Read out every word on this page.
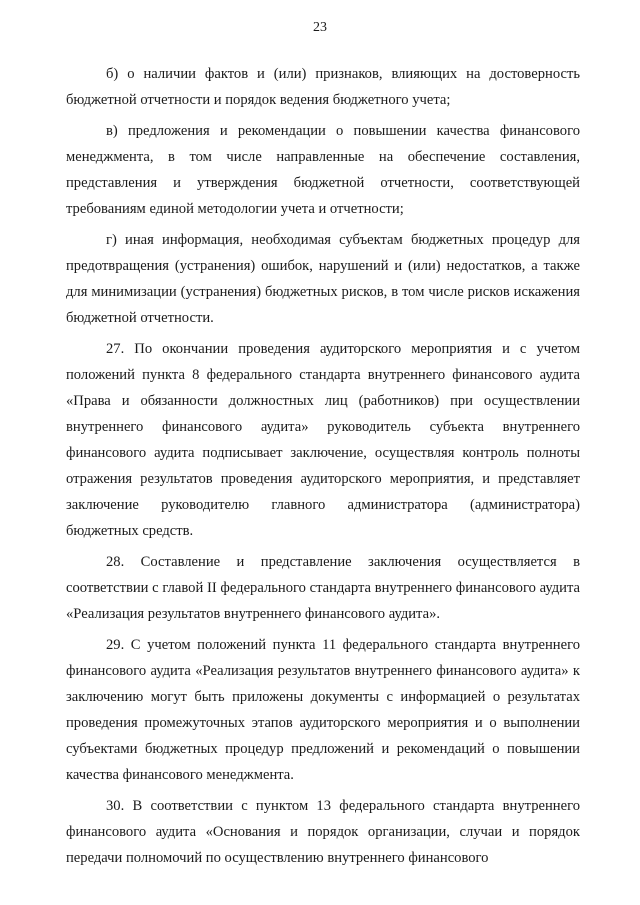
23

б) о наличии фактов и (или) признаков, влияющих на достоверность бюджетной отчетности и порядок ведения бюджетного учета;

в) предложения и рекомендации о повышении качества финансового менеджмента, в том числе направленные на обеспечение составления, представления и утверждения бюджетной отчетности, соответствующей требованиям единой методологии учета и отчетности;

г) иная информация, необходимая субъектам бюджетных процедур для предотвращения (устранения) ошибок, нарушений и (или) недостатков, а также для минимизации (устранения) бюджетных рисков, в том числе рисков искажения бюджетной отчетности.

27. По окончании проведения аудиторского мероприятия и с учетом положений пункта 8 федерального стандарта внутреннего финансового аудита «Права и обязанности должностных лиц (работников) при осуществлении внутреннего финансового аудита» руководитель субъекта внутреннего финансового аудита подписывает заключение, осуществляя контроль полноты отражения результатов проведения аудиторского мероприятия, и представляет заключение руководителю главного администратора (администратора) бюджетных средств.

28. Составление и представление заключения осуществляется в соответствии с главой II федерального стандарта внутреннего финансового аудита «Реализация результатов внутреннего финансового аудита».

29. С учетом положений пункта 11 федерального стандарта внутреннего финансового аудита «Реализация результатов внутреннего финансового аудита» к заключению могут быть приложены документы с информацией о результатах проведения промежуточных этапов аудиторского мероприятия и о выполнении субъектами бюджетных процедур предложений и рекомендаций о повышении качества финансового менеджмента.

30. В соответствии с пунктом 13 федерального стандарта внутреннего финансового аудита «Основания и порядок организации, случаи и порядок передачи полномочий по осуществлению внутреннего финансового
